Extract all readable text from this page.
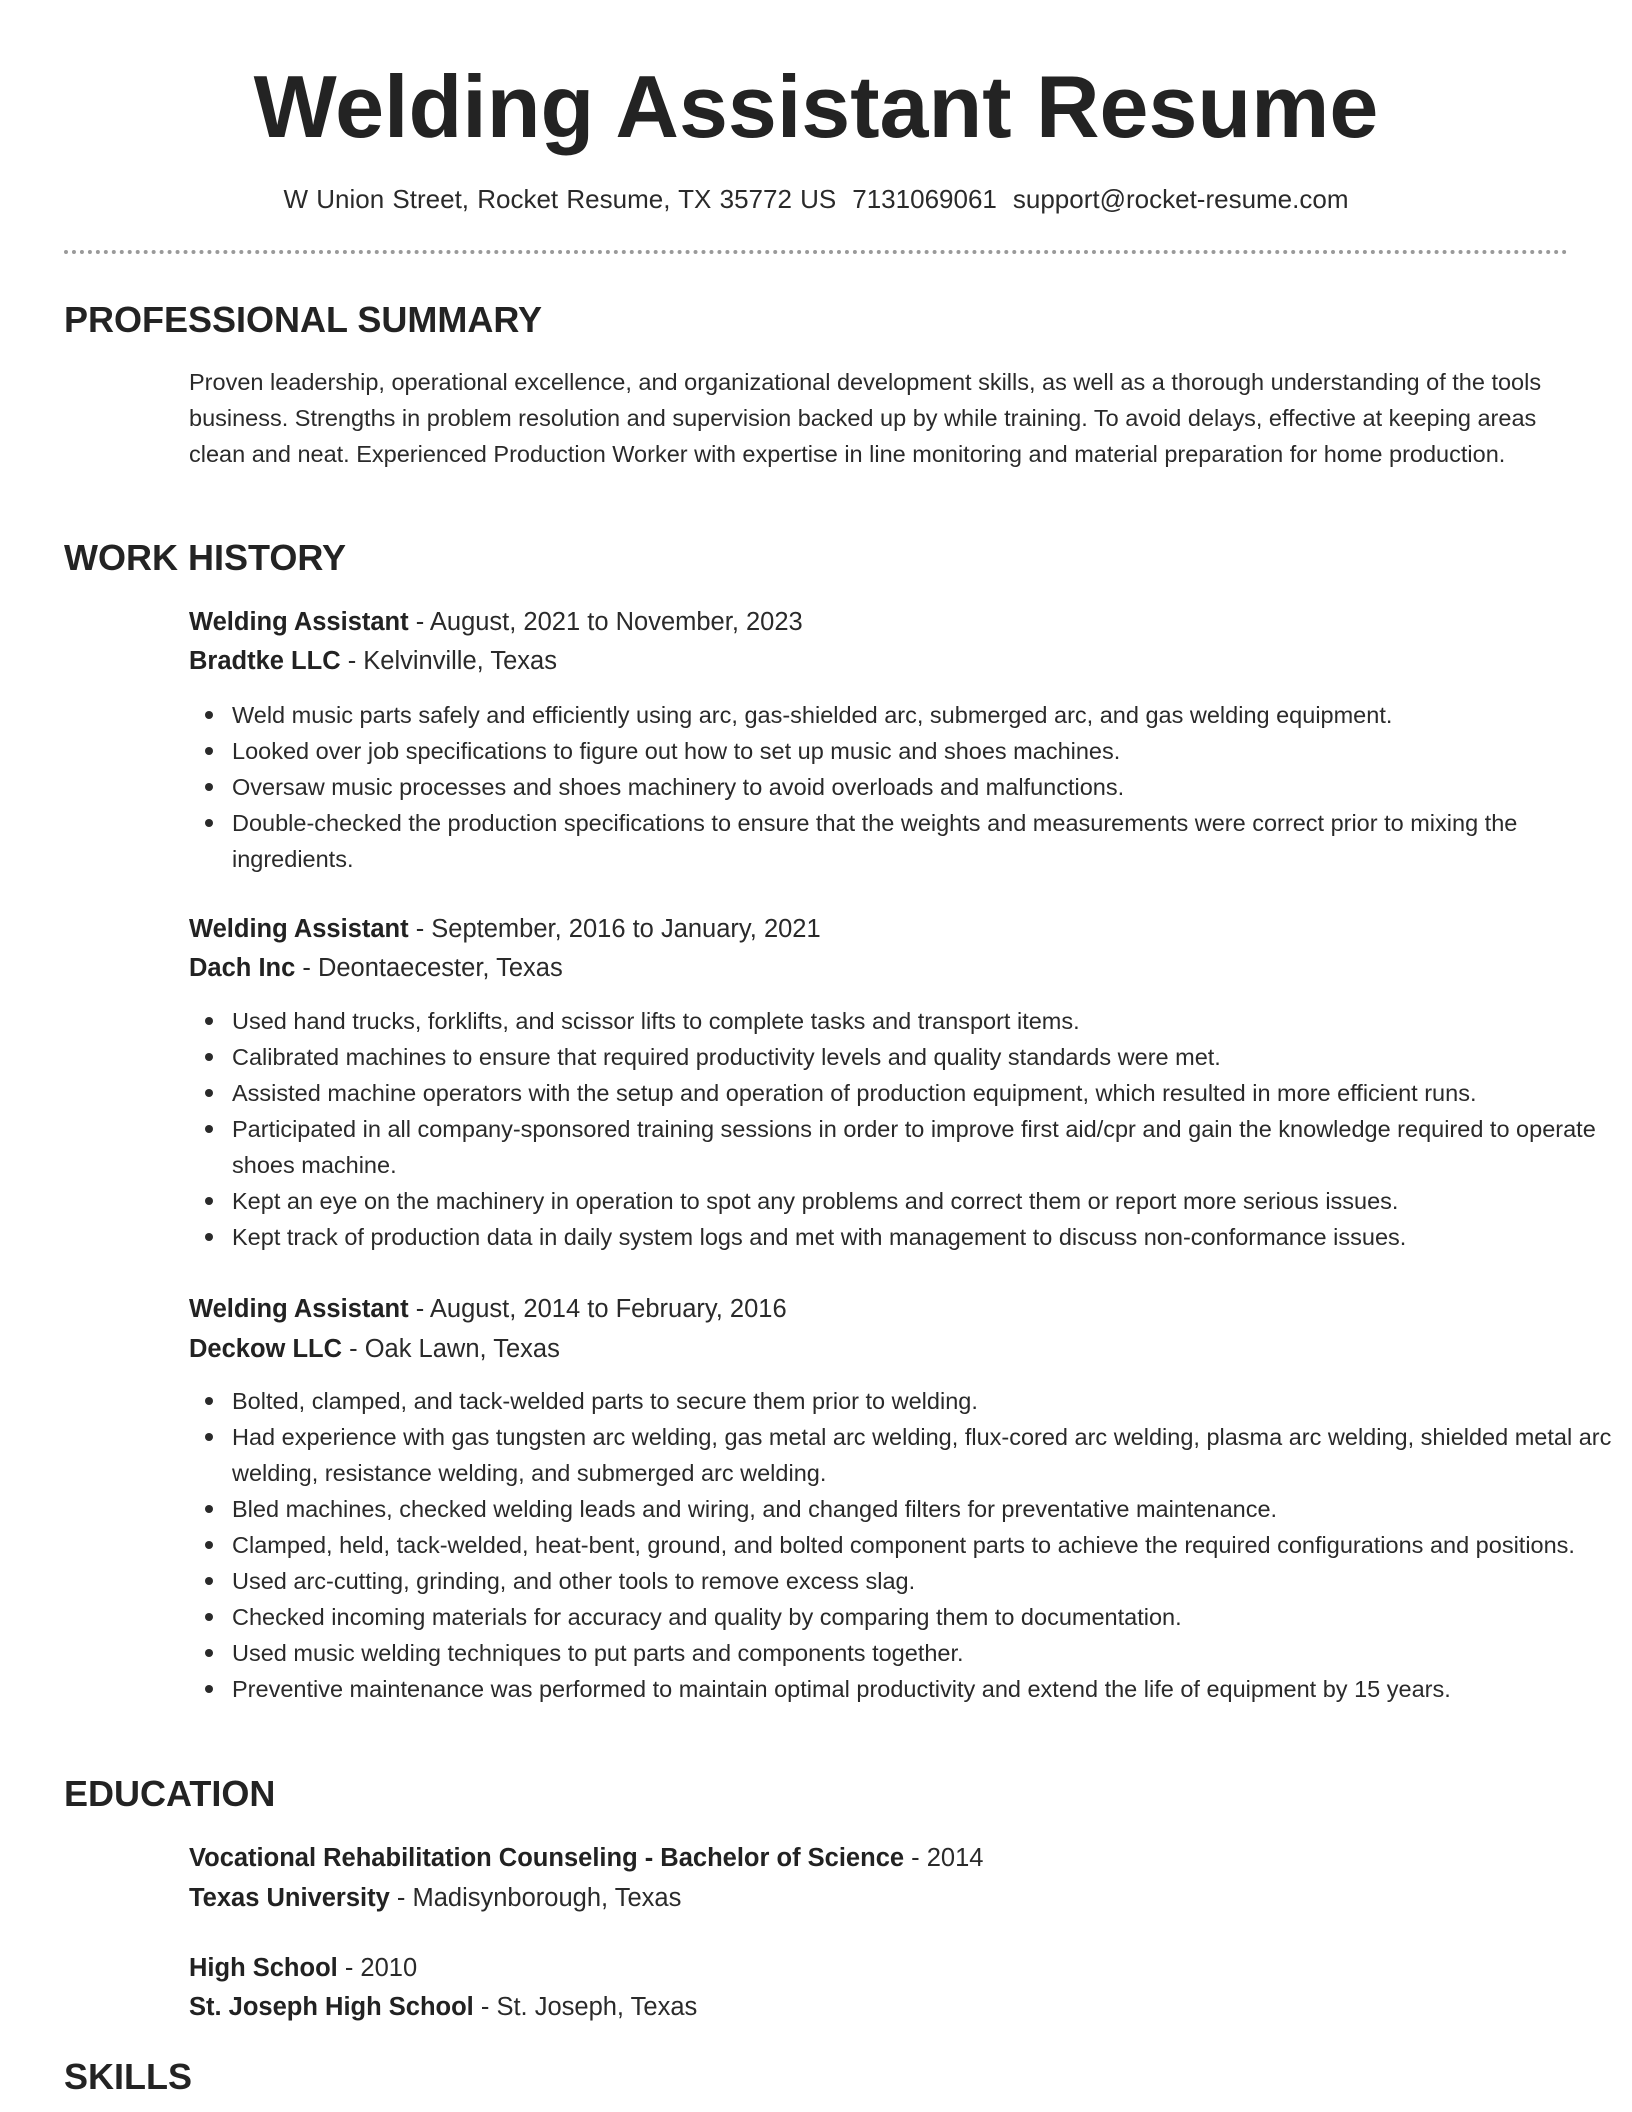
Welding Assistant Resume
W Union Street, Rocket Resume, TX 35772 US 7131069061 support@rocket-resume.com
PROFESSIONAL SUMMARY

Proven leadership, operational excellence, and organizational development skills, as well as a thorough understanding of the tools business. Strengths in problem resolution and supervision backed up by while training. To avoid delays, effective at keeping areas clean and neat. Experienced Production Worker with expertise in line monitoring and material preparation for home production.

WORK HISTORY
Welding Assistant - August, 2021 to November, 2023
Bradtke LLC - Kelvinville, Texas
Weld music parts safely and efficiently using arc, gas-shielded arc, submerged arc, and gas welding equipment.
Looked over job specifications to figure out how to set up music and shoes machines.
Oversaw music processes and shoes machinery to avoid overloads and malfunctions.
Double-checked the production specifications to ensure that the weights and measurements were correct prior to mixing the ingredients.
Welding Assistant - September, 2016 to January, 2021
Dach Inc - Deontaecester, Texas
Used hand trucks, forklifts, and scissor lifts to complete tasks and transport items.
Calibrated machines to ensure that required productivity levels and quality standards were met.
Assisted machine operators with the setup and operation of production equipment, which resulted in more efficient runs.
Participated in all company-sponsored training sessions in order to improve first aid/cpr and gain the knowledge required to operate shoes machine.
Kept an eye on the machinery in operation to spot any problems and correct them or report more serious issues.
Kept track of production data in daily system logs and met with management to discuss non-conformance issues.
Welding Assistant - August, 2014 to February, 2016
Deckow LLC - Oak Lawn, Texas
Bolted, clamped, and tack-welded parts to secure them prior to welding.
Had experience with gas tungsten arc welding, gas metal arc welding, flux-cored arc welding, plasma arc welding, shielded metal arc welding, resistance welding, and submerged arc welding.
Bled machines, checked welding leads and wiring, and changed filters for preventative maintenance.
Clamped, held, tack-welded, heat-bent, ground, and bolted component parts to achieve the required configurations and positions.
Used arc-cutting, grinding, and other tools to remove excess slag.
Checked incoming materials for accuracy and quality by comparing them to documentation.
Used music welding techniques to put parts and components together.
Preventive maintenance was performed to maintain optimal productivity and extend the life of equipment by 15 years.
EDUCATION
Vocational Rehabilitation Counseling - Bachelor of Science - 2014
Texas University - Madisynborough, Texas
High School - 2010
St. Joseph High School - St. Joseph, Texas
SKILLS
